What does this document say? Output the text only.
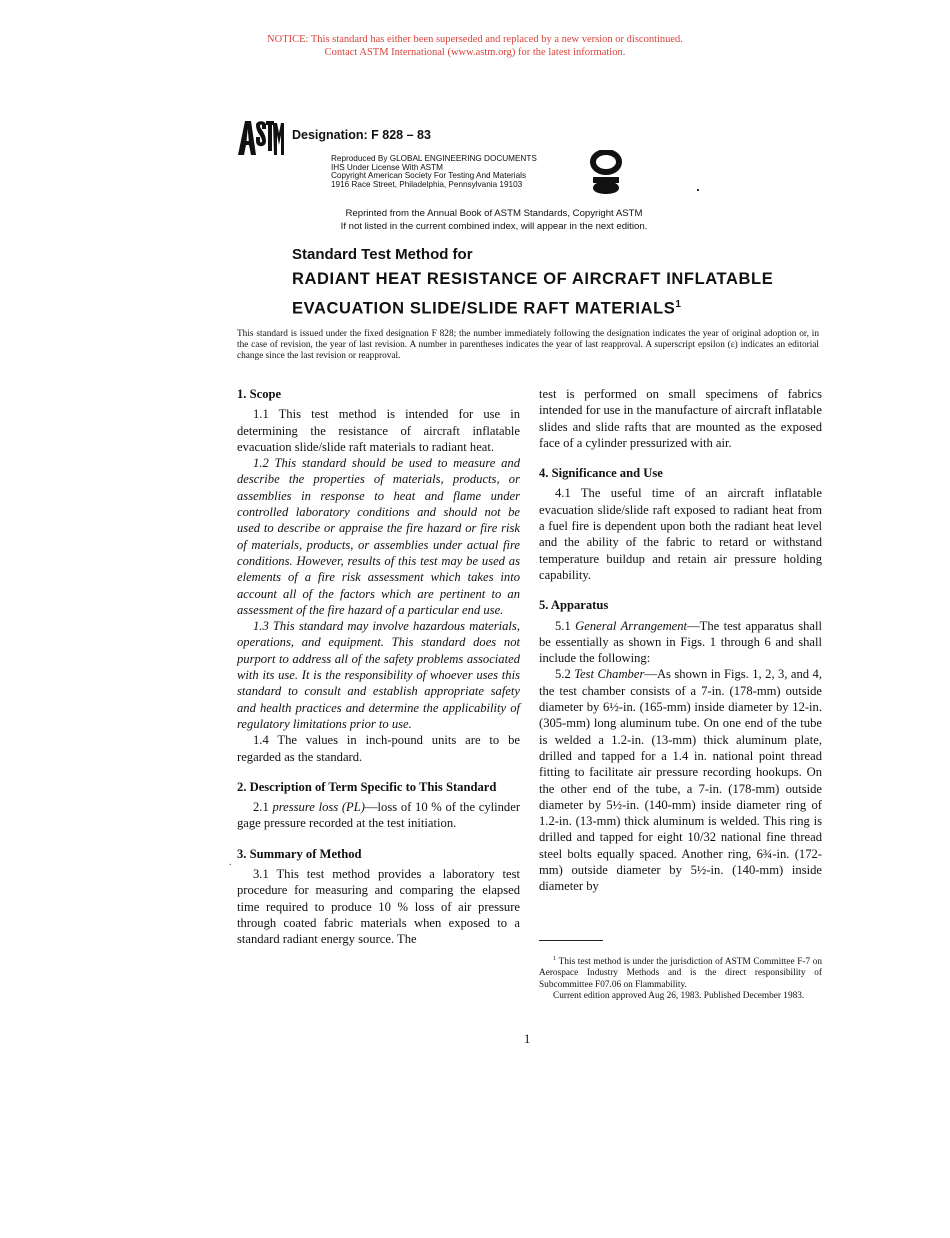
NOTICE: This standard has either been superseded and replaced by a new version or discontinued.
Contact ASTM International (www.astm.org) for the latest information.
Designation: F 828 – 83
Reproduced By GLOBAL ENGINEERING DOCUMENTS
IHS Under License With ASTM
Copyright American Society For Testing And Materials
1916 Race Street, Philadelphia, Pennsylvania 19103
Reprinted from the Annual Book of ASTM Standards, Copyright ASTM
If not listed in the current combined index, will appear in the next edition.
Standard Test Method for
RADIANT HEAT RESISTANCE OF AIRCRAFT INFLATABLE
EVACUATION SLIDE/SLIDE RAFT MATERIALS$^1$
This standard is issued under the fixed designation F 828; the number immediately following the designation indicates the year of original adoption or, in the case of revision, the year of last revision. A number in parentheses indicates the year of last reapproval. A superscript epsilon (ε) indicates an editorial change since the last revision or reapproval.
1. Scope

1.1 This test method is intended for use in determining the resistance of aircraft inflatable evacuation slide/slide raft materials to radiant heat.

1.2 This standard should be used to measure and describe the properties of materials, products, or assemblies in response to heat and flame under controlled laboratory conditions and should not be used to describe or appraise the fire hazard or fire risk of materials, products, or assemblies under actual fire conditions. However, results of this test may be used as elements of a fire risk assessment which takes into account all of the factors which are pertinent to an assessment of the fire hazard of a particular end use.

1.3 This standard may involve hazardous materials, operations, and equipment. This standard does not purport to address all of the safety problems associated with its use. It is the responsibility of whoever uses this standard to consult and establish appropriate safety and health practices and determine the applicability of regulatory limitations prior to use.

1.4 The values in inch-pound units are to be regarded as the standard.

2. Description of Term Specific to This Standard

2.1 pressure loss (PL)—loss of 10 % of the cylinder gage pressure recorded at the test initiation.

3. Summary of Method

3.1 This test method provides a laboratory test procedure for measuring and comparing the elapsed time required to produce 10 % loss of air pressure through coated fabric materials when exposed to a standard radiant energy source. The

.

test is performed on small specimens of fabrics intended for use in the manufacture of aircraft inflatable slides and slide rafts that are mounted as the exposed face of a cylinder pressurized with air.

4. Significance and Use

4.1 The useful time of an aircraft inflatable evacuation slide/slide raft exposed to radiant heat from a fuel fire is dependent upon both the radiant heat level and the ability of the fabric to retard or withstand temperature buildup and retain air pressure holding capability.

5. Apparatus

5.1 General Arrangement—The test apparatus shall be essentially as shown in Figs. 1 through 6 and shall include the following:

5.2 Test Chamber—As shown in Figs. 1, 2, 3, and 4, the test chamber consists of a 7-in. (178-mm) outside diameter by 6½-in. (165-mm) inside diameter by 12-in. (305-mm) long aluminum tube. On one end of the tube is welded a 1.2-in. (13-mm) thick aluminum plate, drilled and tapped for a 1.4 in. national point thread fitting to facilitate air pressure recording hookups. On the other end of the tube, a 7-in. (178-mm) outside diameter by 5½-in. (140-mm) inside diameter ring of 1.2-in. (13-mm) thick aluminum is welded. This ring is drilled and tapped for eight 10/32 national fine thread steel bolts equally spaced. Another ring, 6¾-in. (172-mm) outside diameter by 5½-in. (140-mm) inside diameter by

$^1$ This test method is under the jurisdiction of ASTM Committee F-7 on Aerospace Industry Methods and is the direct responsibility of Subcommittee F07.06 on Flammability.

Current edition approved Aug 26, 1983. Published December 1983.

1
